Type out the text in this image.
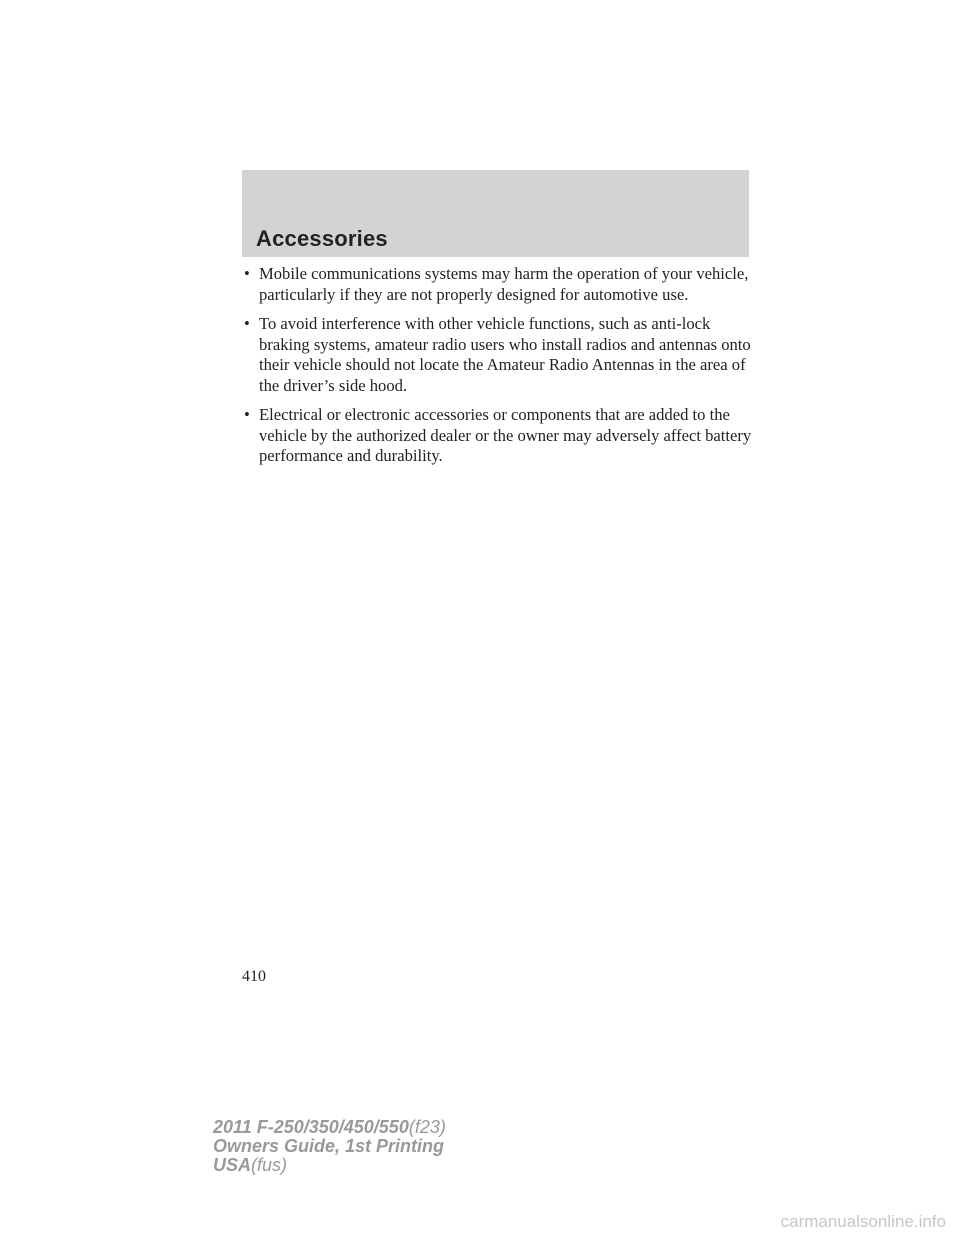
Accessories
• Mobile communications systems may harm the operation of your vehicle, particularly if they are not properly designed for automotive use.
• To avoid interference with other vehicle functions, such as anti-lock braking systems, amateur radio users who install radios and antennas onto their vehicle should not locate the Amateur Radio Antennas in the area of the driver’s side hood.
• Electrical or electronic accessories or components that are added to the vehicle by the authorized dealer or the owner may adversely affect battery performance and durability.
410
2011 F-250/350/450/550(f23)
Owners Guide, 1st Printing
USA(fus)
carmanualsonline.info
